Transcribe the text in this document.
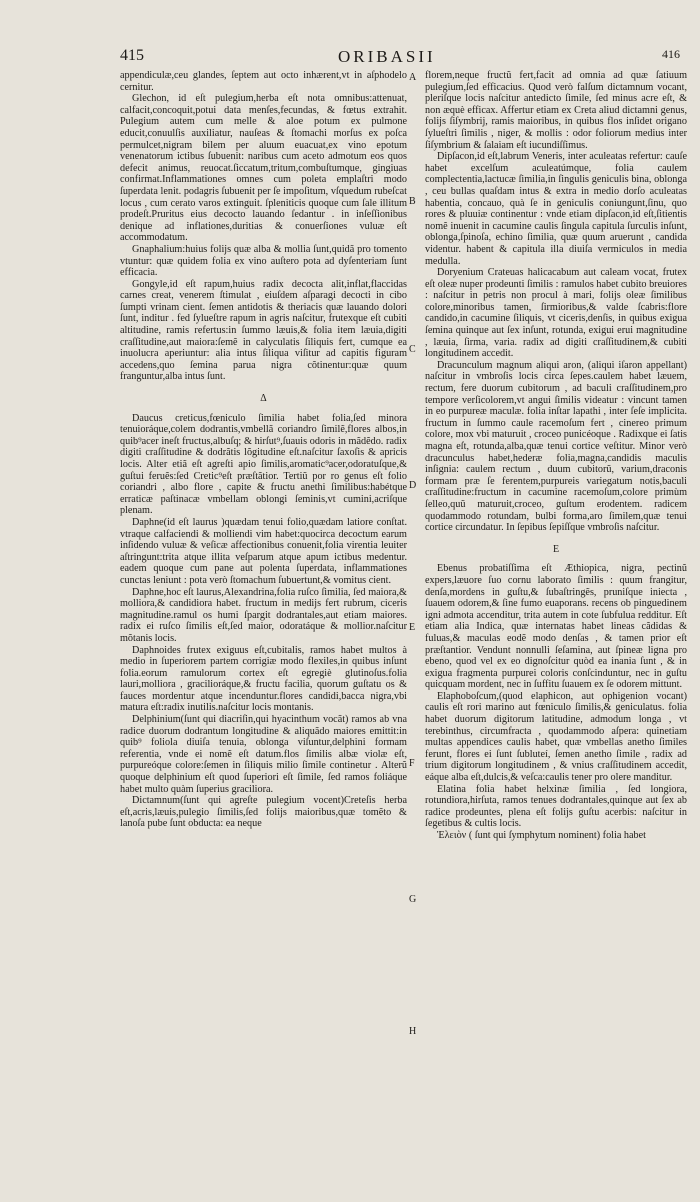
415	ORIBASII	416

appendiculæ,ceu glandes, ſeptem aut octo inhærent,vt in aſphodelo cernitur.

Glechon, id eſt pulegium,herba eſt nota omnibus:attenuat, calfacit,concoquit,potui data menſes,fecundas, & fœtus extrahit. Pulegium autem cum melle & aloe potum ex pulmone educit,conuulſis auxiliatur, nauſeas & ſtomachi morſus ex poſca permulcet,nigram bilem per aluum euacuat,ex vino epotum venenatorum ictibus ſubuenit: naribus cum aceto admotum eos quos defecit animus, reuocat.ſiccatum,tritum,combuſtumque, gingiuas confirmat.Inflammationes omnes cum poleta emplaſtri modo ſuperdata lenit. podagris ſubuenit per ſe impoſitum, vſquedum rubeſcat locus , cum cerato varos extinguit. ſpleniticis quoque cum ſale illitum prodeſt.Pruritus eius decocto lauando ſedantur . in inſeſſionibus denique ad inflationes,duritias & conuerſiones vuluæ eſt accommodatum.

Gnaphalium:huius folijs quæ alba & mollia ſunt,quidã pro tomento vtuntur: quæ quidem folia ex vino auſtero pota ad dyſenteriam ſunt efficacia.

Gongyle,id eſt rapum,huius radix decocta alit,inflat,flaccidas carnes creat, venerem ſtimulat , eiuſdem aſparagi decocti in cibo ſumpti vrinam cient. ſemen antidotis & theriacis quæ lauando dolori ſunt, inditur . fed ſylueſtre rapum in agris naſcitur, frutexque eſt cubiti altitudine, ramis refertus:in ſummo læuis,& folia item læuia,digiti craſſitudine,aut maiora:ſemẽ in calyculatis ſiliquis fert, cumque ea inuolucra aperiuntur: alia intus ſiliqua viſitur ad capitis figuram accedens,quo ſemina parua nigra cõtinentur:quæ quum franguntur,alba intus ſunt.

Δ

Daucus creticus,fœniculo ſimilia habet folia,ſed minora tenuioráque,colem dodrantis,vmbellã coriandro ſimilẽ,flores albos,in quib⁹acer ineſt fructus,albuſq; & hirſut⁹,ſuauis odoris in mãdẽdo. radix digiti craſſitudine & dodrãtis lõgitudine eſt.naſcitur ſaxoſis & apricis locis. Alter etiã eſt agreſti apio ſimilis,aromatic⁹acer,odoratuſque,& guſtui feruẽs:ſed Cretic⁹eſt præſtãtior. Tertiũ por ro genus eſt folio coriandri , albo flore , capite & fructu anethi ſimilibus:habétque erraticæ paſtinacæ vmbellam oblongi ſeminis,vt cumini,acriſque plenam.

Daphne(id eſt laurus )quædam tenui folio,quædam latiore conſtat. vtraque calfaciendi & molliendi vim habet:quocirca decoctum earum inſidendo vuluæ & veſicæ affectionibus conuenit,folia virentia leuiter aſtringunt:trita atque illita veſparum atque apum ictibus medentur. eadem quoque cum pane aut polenta ſuperdata, inflammationes cunctas leniunt : pota verò ſtomachum ſubuertunt,& vomitus cient.

Daphne,hoc eſt laurus,Alexandrina,folia ruſco ſimilia, ſed maiora,& molliora,& candidiora habet. fructum in medijs fert rubrum, ciceris magnitudine.ramul os humi ſpargit dodrantales,aut etiam maiores. radix ei ruſco ſimilis eſt,ſed maior, odoratáque & mollior.naſcitur mõtanis locis.

Daphnoides frutex exiguus eſt,cubitalis, ramos habet multos à medio in ſuperiorem partem corrigiæ modo flexiles,in quibus inſunt folia.eorum ramulorum cortex eſt egregiè glutinoſus.folia lauri,molliora , gracilioráque,& fructu facilia, quorum guſtatu os & fauces mordentur atque incenduntur.flores candidi,bacca nigra,vbi matura eſt:radix inutilis.naſcitur locis montanis.

Delphinium(ſunt qui diacriſin,qui hyacinthum vocãt) ramos ab vna radice duorum dodrantum longitudine & aliquãdo maiores emittit:in quib⁹ foliola diuiſa tenuia, oblonga viſuntur,delphini formam referentia, vnde ei nomẽ eſt datum.flos ſimilis albæ violæ eſt, purpureóque colore:ſemen in ſiliquis milio ſimile continetur . Alterũ quoque delphinium eſt quod ſuperiori eſt ſimile, ſed ramos foliáque habet multo quàm ſuperius graciliora.

Dictamnum(ſunt qui agreſte pulegium vocent)Creteſis herba eſt,acris,læuis,pulegio ſimilis,ſed folijs maioribus,quæ tomẽto & lanoſa pube ſunt obducta: ea neque

A
B
C
D
E
F
G
H

florem,neque fructũ fert,facit ad omnia ad quæ ſatiuum pulegium,ſed efficacius. Quod verò falſum dictamnum vocant, pleriſque locis naſcitur antedicto ſimile, ſed minus acre eſt, & non æquè efficax. Affertur etiam ex Creta aliud dictamni genus, folijs ſiſymbrij, ramis maioribus, in quibus flos inſidet origano ſylueſtri ſimilis , niger, & mollis : odor foliorum medius inter ſiſymbrium & ſalaiam eſt iucundiſſimus.

Dipſacon,id eſt,labrum Veneris, inter aculeatas refertur: cauſe habet excelſum aculeatúmque, folia caulem complectentia,lactucæ ſimilia,in ſingulis geniculis bina, oblonga , ceu bullas quaſdam intus & extra in medio dorſo aculeatas habentia, concauo, quà ſe in geniculis coniungunt,ſinu, quo rores & pluuiæ continentur : vnde etiam dipſacon,id eſt,ſitientis nomẽ inuenit in cacumine caulis ſingula capitula ſurculis inſunt, oblonga,ſpinoſa, echino ſimilia, quæ quum aruerunt , candida videntur. habent & capitula illa diuiſa vermiculos in media medulla.

Doryenium Crateuas halicacabum aut caleam vocat, frutex eſt oleæ nuper prodeunti ſimilis : ramulos habet cubito breuiores : naſcitur in petris non procul à mari, folijs oleæ ſimilibus colore,minoribus tamen, ſirmioribus,& valde ſcabris:flore candido,in cacumine ſiliquis, vt ciceris,denſis, in quibus exigua ſemina quinque aut ſex inſunt, rotunda, exigui erui magnitudine , læuia, ſirma, varia. radix ad digiti craſſitudinem,& cubiti longitudinem accedit.

Dracunculum magnum aliqui aron, (aliqui iſaron appellant) naſcitur in vmbroſis locis circa ſepes.caulem habet læuem, rectum, fere duorum cubitorum , ad baculi craſſitudinem,pro tempore verſicolorem,vt angui ſimilis videatur : vincunt tamen in eo purpureæ maculæ. folia inſtar lapathi , inter ſeſe implicita. fructum in ſummo caule racemoſum fert , cinereo primum colore, mox vbi maturuit , croceo punicéoque . Radixque ei ſatis magna eſt, rotunda,alba,quæ tenui cortice veſtitur. Minor verò dracunculus habet,hederæ folia,magna,candidis maculis inſignia: caulem rectum , duum cubitorũ, varium,draconis formam præ ſe ferentem,purpureis variegatum notis,baculi craſſitudine:fructum in cacumine racemoſum,colore primùm ſelleo,quũ maturuit,croceo, guſtum erodentem. radicem quodammodo rotundam, bulbi forma,aro ſimilem,quæ tenui cortice circundatur. In ſepibus ſepiſſque vmbroſis naſcitur.

E

Ebenus probatiſſima eſt Æthiopica, nigra, pectinũ expers,læuore ſuo cornu laborato ſimilis : quum frangitur, denſa,mordens in guſtu,& ſubaſtringẽs, pruniſque iniecta , ſuauem odorem,& ſine fumo euaporans. recens ob pinguedinem igni admota accenditur, trita autem in cote ſubfulua redditur. Eſt etiam alia Indica, quæ internatas habet lineas cãdidas & fuluas,& maculas eodẽ modo denſas , & tamen prior eſt præſtantior. Vendunt nonnulli ſeſamina, aut ſpineæ ligna pro ebeno, quod vel ex eo dignoſcitur quòd ea inania ſunt , & in exigua fragmenta purpurei coloris conſcinduntur, nec in guſtu quicquam mordent, nec in ſuffitu ſuauem ex ſe odorem mittunt.

Elaphoboſcum,(quod elaphicon, aut ophigenion vocant) caulis eſt rori marino aut fœniculo ſimilis,& geniculatus. folia habet duorum digitorum latitudine, admodum longa , vt terebinthus, circumfracta , quodammodo aſpera: quinetiam multas appendices caulis habet, quæ vmbellas anetho ſimiles ferunt, flores ei ſunt ſubluteí, ſemen anetho ſimile , radix ad trium digitorum longitudinem , & vnius craſſitudinem accedit, eáque alba eſt,dulcis,& veſca:caulis tener pro olere manditur.

Elatina folia habet helxinæ ſimilia , ſed longiora, rotundiora,hirſuta, ramos tenues dodrantales,quinque aut ſex ab radice prodeuntes, plena eſt folijs guſtu acerbis: naſcitur in ſegetibus & cultis locis.

Ἐλειὸν ( ſunt qui ſymphytum nominent) folia habet
